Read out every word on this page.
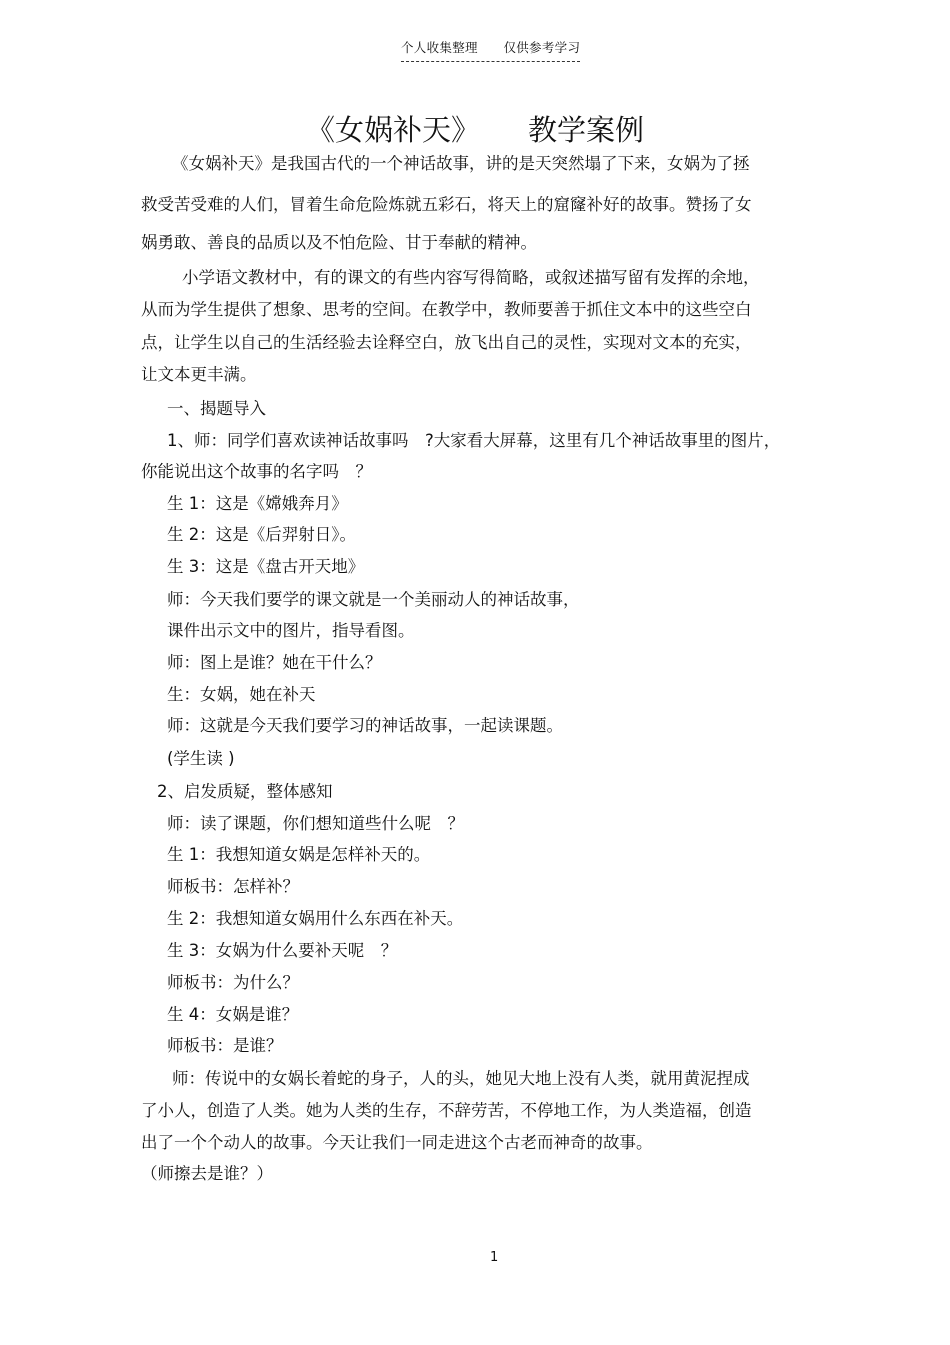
个人收集整理 仅供参考学习
《女娲补天》 教学案例
《女娲补天》是我国古代的一个神话故事，讲的是天突然塌了下来，女娲为了拯
救受苦受难的人们，冒着生命危险炼就五彩石，将天上的窟窿补好的故事。赞扬了女
娲勇敢、善良的品质以及不怕危险、甘于奉献的精神。
小学语文教材中，有的课文的有些内容写得简略，或叙述描写留有发挥的余地，
从而为学生提供了想象、思考的空间。在教学中，教师要善于抓住文本中的这些空白
点，让学生以自己的生活经验去诠释空白，放飞出自己的灵性，实现对文本的充实，
让文本更丰满。
一、揭题导入
1、师：同学们喜欢读神话故事吗　?大家看大屏幕，这里有几个神话故事里的图片，
你能说出这个故事的名字吗　？
生 1：这是《嫦娥奔月》
生 2：这是《后羿射日》。
生 3：这是《盘古开天地》
师：今天我们要学的课文就是一个美丽动人的神话故事，
课件出示文中的图片，指导看图。
师：图上是谁？她在干什么？
生：女娲，她在补天
师：这就是今天我们要学习的神话故事，一起读课题。
(学生读 )
2、启发质疑，整体感知
师：读了课题，你们想知道些什么呢　？
生 1：我想知道女娲是怎样补天的。
师板书：怎样补？
生 2：我想知道女娲用什么东西在补天。
生 3：女娲为什么要补天呢　？
师板书：为什么？
生 4：女娲是谁？
师板书：是谁？
师：传说中的女娲长着蛇的身子，人的头，她见大地上没有人类，就用黄泥捏成
了小人，创造了人类。她为人类的生存，不辞劳苦，不停地工作，为人类造福，创造
出了一个个动人的故事。今天让我们一同走进这个古老而神奇的故事。
（师擦去是谁？）
1
